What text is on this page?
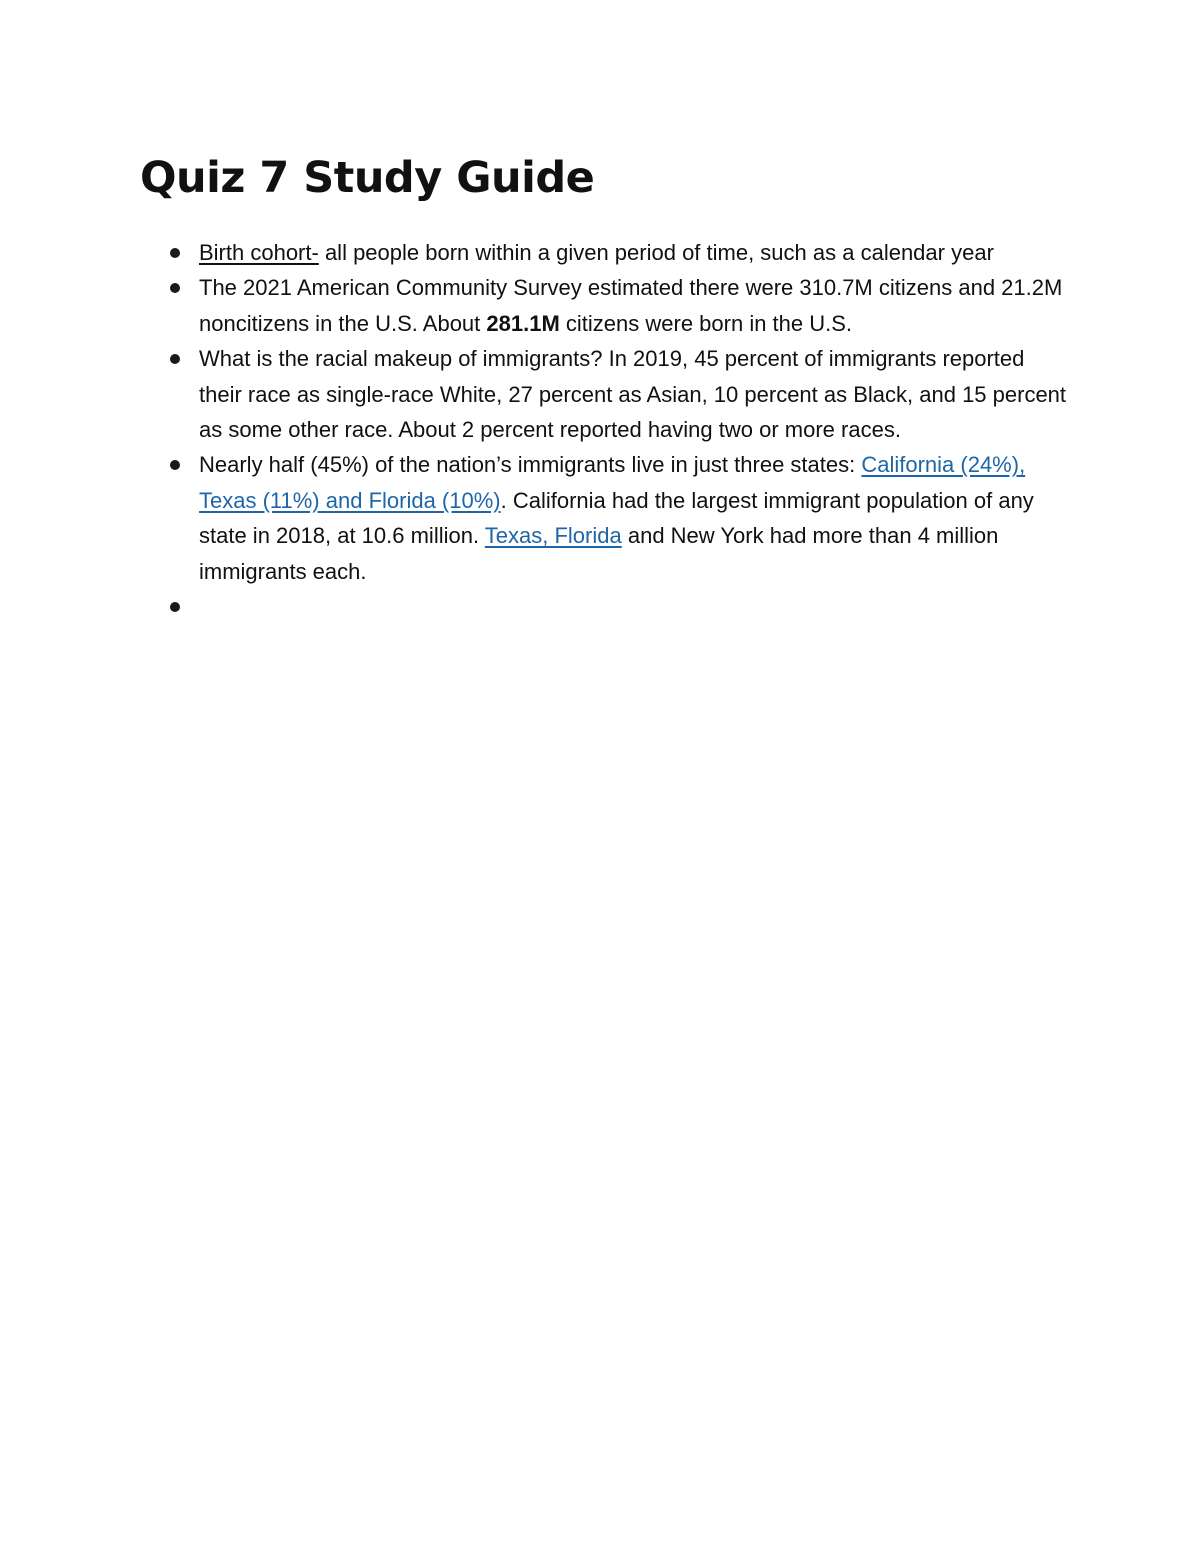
Quiz 7 Study Guide
Birth cohort- all people born within a given period of time, such as a calendar year
The 2021 American Community Survey estimated there were 310.7M citizens and 21.2M noncitizens in the U.S. About 281.1M citizens were born in the U.S.
What is the racial makeup of immigrants? In 2019, 45 percent of immigrants reported their race as single-race White, 27 percent as Asian, 10 percent as Black, and 15 percent as some other race. About 2 percent reported having two or more races.
Nearly half (45%) of the nation’s immigrants live in just three states: California (24%), Texas (11%) and Florida (10%). California had the largest immigrant population of any state in 2018, at 10.6 million. Texas, Florida and New York had more than 4 million immigrants each.
